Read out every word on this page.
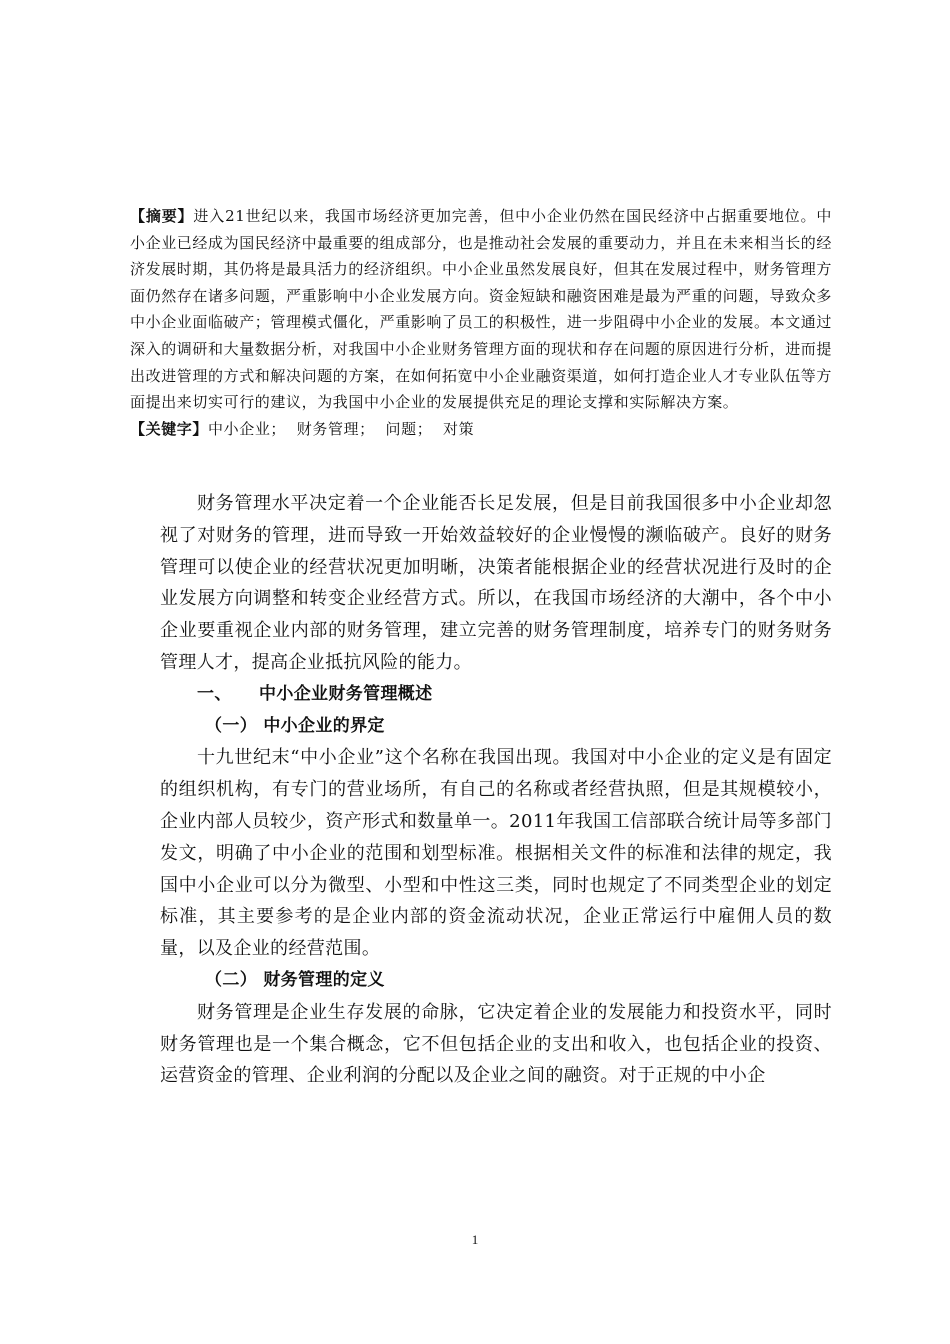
【摘要】进入21世纪以来，我国市场经济更加完善，但中小企业仍然在国民经济中占据重要地位。中小企业已经成为国民经济中最重要的组成部分，也是推动社会发展的重要动力，并且在未来相当长的经济发展时期，其仍将是最具活力的经济组织。中小企业虽然发展良好，但其在发展过程中，财务管理方面仍然存在诸多问题，严重影响中小企业发展方向。资金短缺和融资困难是最为严重的问题，导致众多中小企业面临破产；管理模式僵化，严重影响了员工的积极性，进一步阻碍中小企业的发展。本文通过深入的调研和大量数据分析，对我国中小企业财务管理方面的现状和存在问题的原因进行分析，进而提出改进管理的方式和解决问题的方案，在如何拓宽中小企业融资渠道，如何打造企业人才专业队伍等方面提出来切实可行的建议，为我国中小企业的发展提供充足的理论支撑和实际解决方案。

【关键字】中小企业；  财务管理；  问题；  对策

财务管理水平决定着一个企业能否长足发展，但是目前我国很多中小企业却忽视了对财务的管理，进而导致一开始效益较好的企业慢慢的濒临破产。良好的财务管理可以使企业的经营状况更加明晰，决策者能根据企业的经营状况进行及时的企业发展方向调整和转变企业经营方式。所以，在我国市场经济的大潮中，各个中小企业要重视企业内部的财务管理，建立完善的财务管理制度，培养专门的财务财务管理人才，提高企业抵抗风险的能力。

一、 中小企业财务管理概述

（一） 中小企业的界定

十九世纪末“中小企业”这个名称在我国出现。我国对中小企业的定义是有固定的组织机构，有专门的营业场所，有自己的名称或者经营执照，但是其规模较小，企业内部人员较少，资产形式和数量单一。2011年我国工信部联合统计局等多部门发文，明确了中小企业的范围和划型标准。根据相关文件的标准和法律的规定，我国中小企业可以分为微型、小型和中性这三类，同时也规定了不同类型企业的划定标准，其主要参考的是企业内部的资金流动状况，企业正常运行中雇佣人员的数量，以及企业的经营范围。

（二） 财务管理的定义

财务管理是企业生存发展的命脉，它决定着企业的发展能力和投资水平，同时财务管理也是一个集合概念，它不但包括企业的支出和收入，也包括企业的投资、运营资金的管理、企业利润的分配以及企业之间的融资。对于正规的中小企

1
